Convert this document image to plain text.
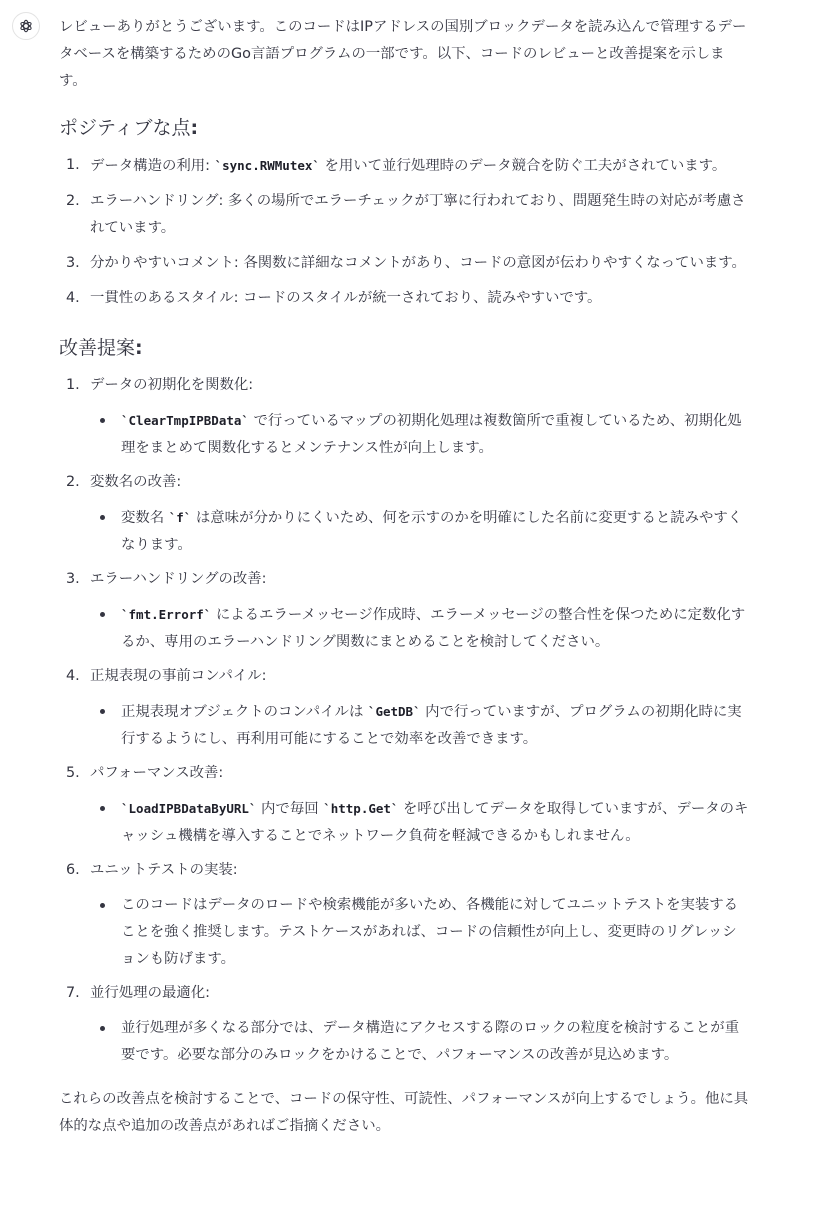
レビューありがとうございます。このコードはIPアドレスの国別ブロックデータを読み込んで管理するデータベースを構築するためのGo言語プログラムの一部です。以下、コードのレビューと改善提案を示します。

ポジティブな点:
1. データ構造の利用: `sync.RWMutex` を用いて並行処理時のデータ競合を防ぐ工夫がされています。
2. エラーハンドリング: 多くの場所でエラーチェックが丁寧に行われており、問題発生時の対応が考慮されています。
3. 分かりやすいコメント: 各関数に詳細なコメントがあり、コードの意図が伝わりやすくなっています。
4. 一貫性のあるスタイル: コードのスタイルが統一されており、読みやすいです。
改善提案:
1. データの初期化を関数化:
`ClearTmpIPBData` で行っているマップの初期化処理は複数箇所で重複しているため、初期化処理をまとめて関数化するとメンテナンス性が向上します。
2. 変数名の改善:
変数名 `f` は意味が分かりにくいため、何を示すのかを明確にした名前に変更すると読みやすくなります。
3. エラーハンドリングの改善:
`fmt.Errorf` によるエラーメッセージ作成時、エラーメッセージの整合性を保つために定数化するか、専用のエラーハンドリング関数にまとめることを検討してください。
4. 正規表現の事前コンパイル:
正規表現オブジェクトのコンパイルは `GetDB` 内で行っていますが、プログラムの初期化時に実行するようにし、再利用可能にすることで効率を改善できます。
5. パフォーマンス改善:
`LoadIPBDataByURL` 内で毎回 `http.Get` を呼び出してデータを取得していますが、データのキャッシュ機構を導入することでネットワーク負荷を軽減できるかもしれません。
6. ユニットテストの実装:
このコードはデータのロードや検索機能が多いため、各機能に対してユニットテストを実装することを強く推奨します。テストケースがあれば、コードの信頼性が向上し、変更時のリグレッションも防げます。
7. 並行処理の最適化:
並行処理が多くなる部分では、データ構造にアクセスする際のロックの粒度を検討することが重要です。必要な部分のみロックをかけることで、パフォーマンスの改善が見込めます。

これらの改善点を検討することで、コードの保守性、可読性、パフォーマンスが向上するでしょう。他に具体的な点や追加の改善点があればご指摘ください。
